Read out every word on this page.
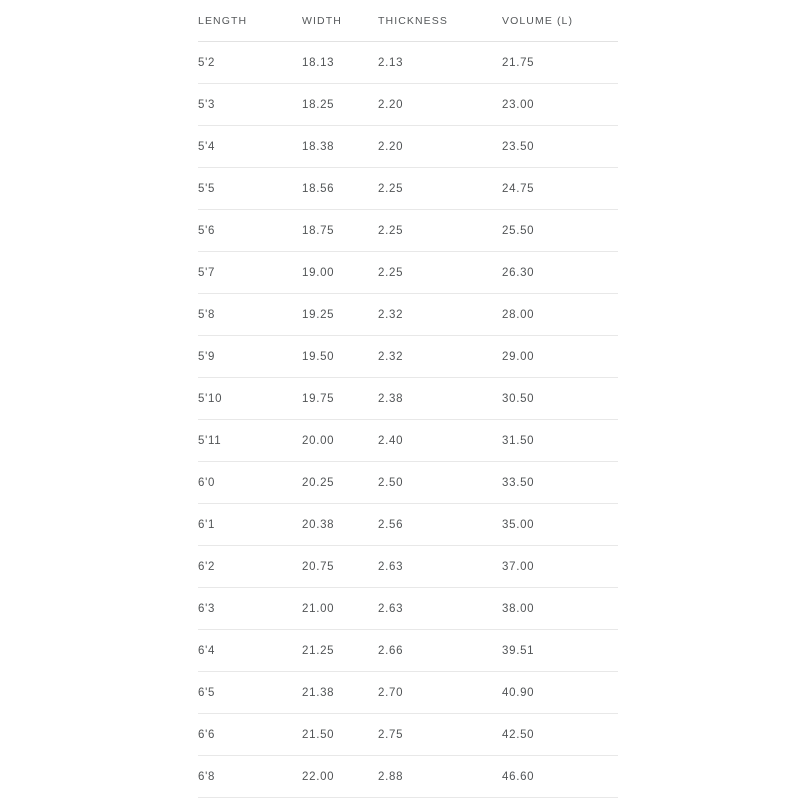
LENGTH	WIDTH	THICKNESS	VOLUME (L)
5'2	18.13	2.13	21.75
5'3	18.25	2.20	23.00
5'4	18.38	2.20	23.50
5'5	18.56	2.25	24.75
5'6	18.75	2.25	25.50
5'7	19.00	2.25	26.30
5'8	19.25	2.32	28.00
5'9	19.50	2.32	29.00
5'10	19.75	2.38	30.50
5'11	20.00	2.40	31.50
6'0	20.25	2.50	33.50
6'1	20.38	2.56	35.00
6'2	20.75	2.63	37.00
6'3	21.00	2.63	38.00
6'4	21.25	2.66	39.51
6'5	21.38	2.70	40.90
6'6	21.50	2.75	42.50
6'8	22.00	2.88	46.60
